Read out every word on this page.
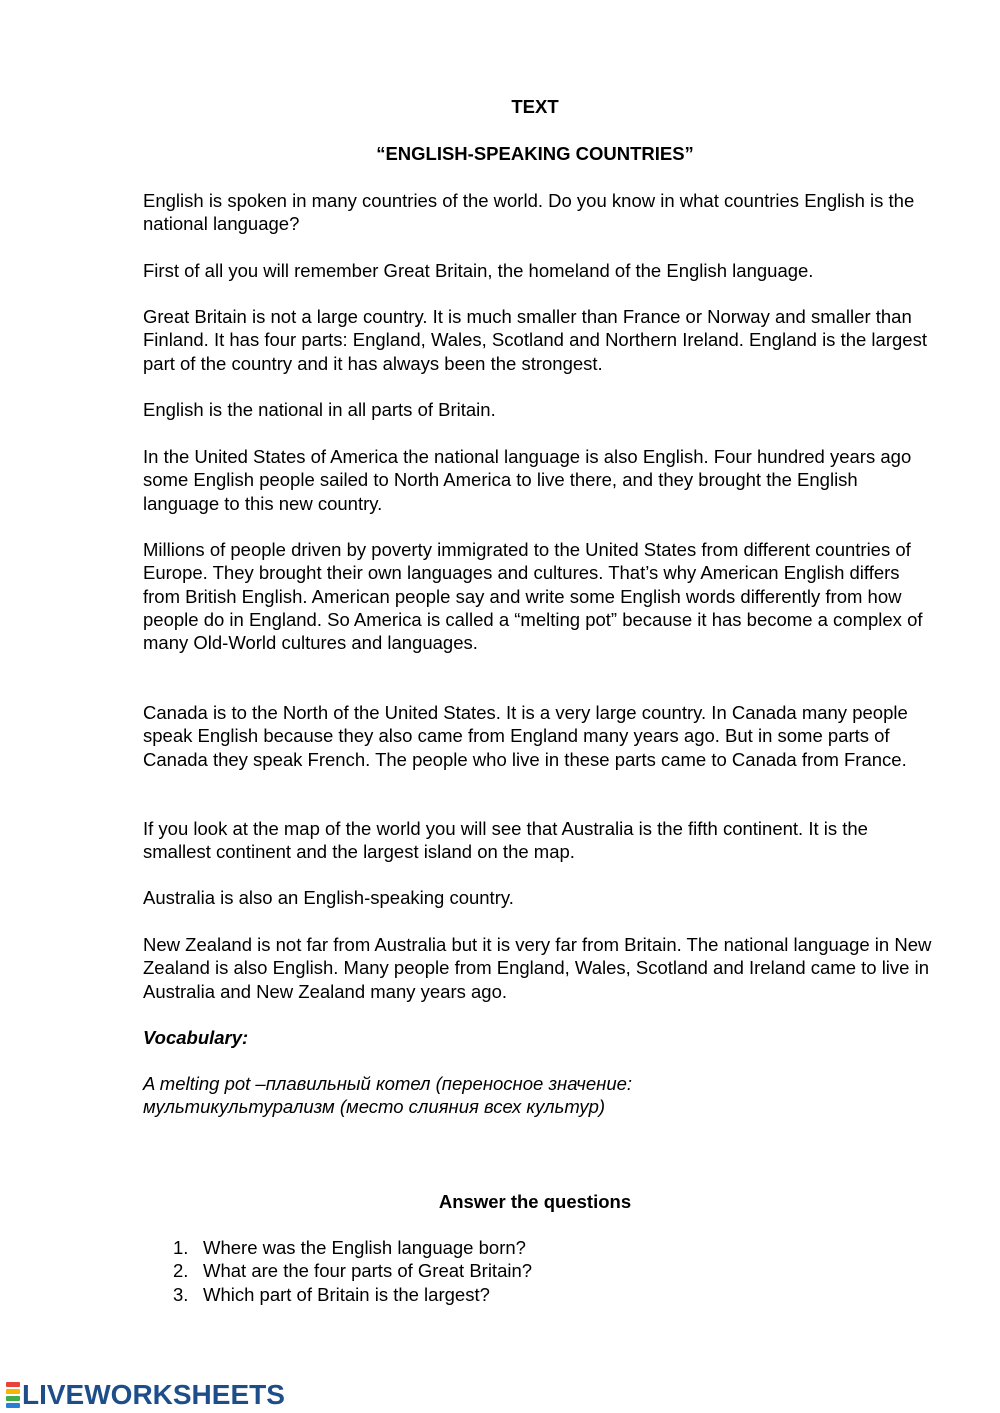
TEXT
“ENGLISH-SPEAKING COUNTRIES”

English is spoken in many countries of the world. Do you know in what countries English is the national language?

First of all you will remember Great Britain, the homeland of the English language.

Great Britain is not a large country. It is much smaller than France or Norway and smaller than Finland. It has four parts: England, Wales, Scotland and Northern Ireland. England is the largest part of the country and it has always been the strongest.

English is the national in all parts of Britain.

In the United States of America the national language is also English. Four hundred years ago some English people sailed to North America to live there, and they brought the English language to this new country.

Millions of people driven by poverty immigrated to the United States from different countries of Europe. They brought their own languages and cultures. That’s why American English differs from British English. American people say and write some English words differently from how people do in England. So America is called a “melting pot” because it has become a complex of many Old-World cultures and languages.

Canada is to the North of the United States. It is a very large country. In Canada many people speak English because they also came from England many years ago. But in some parts of Canada they speak French. The people who live in these parts came to Canada from France.

If you look at the map of the world you will see that Australia is the fifth continent. It is the smallest continent and the largest island on the map.

Australia is also an English-speaking country.

New Zealand is not far from Australia but it is very far from Britain. The national language in New Zealand is also English. Many people from England, Wales, Scotland and Ireland came to live in Australia and New Zealand many years ago.

Vocabulary:

A melting pot –плавильный котел (переносное значение: мультикультурализм (место слияния всех культур)

Answer the questions
1. Where was the English language born?
2. What are the four parts of Great Britain?
3. Which part of Britain is the largest?
LIVEWORKSHEETS
